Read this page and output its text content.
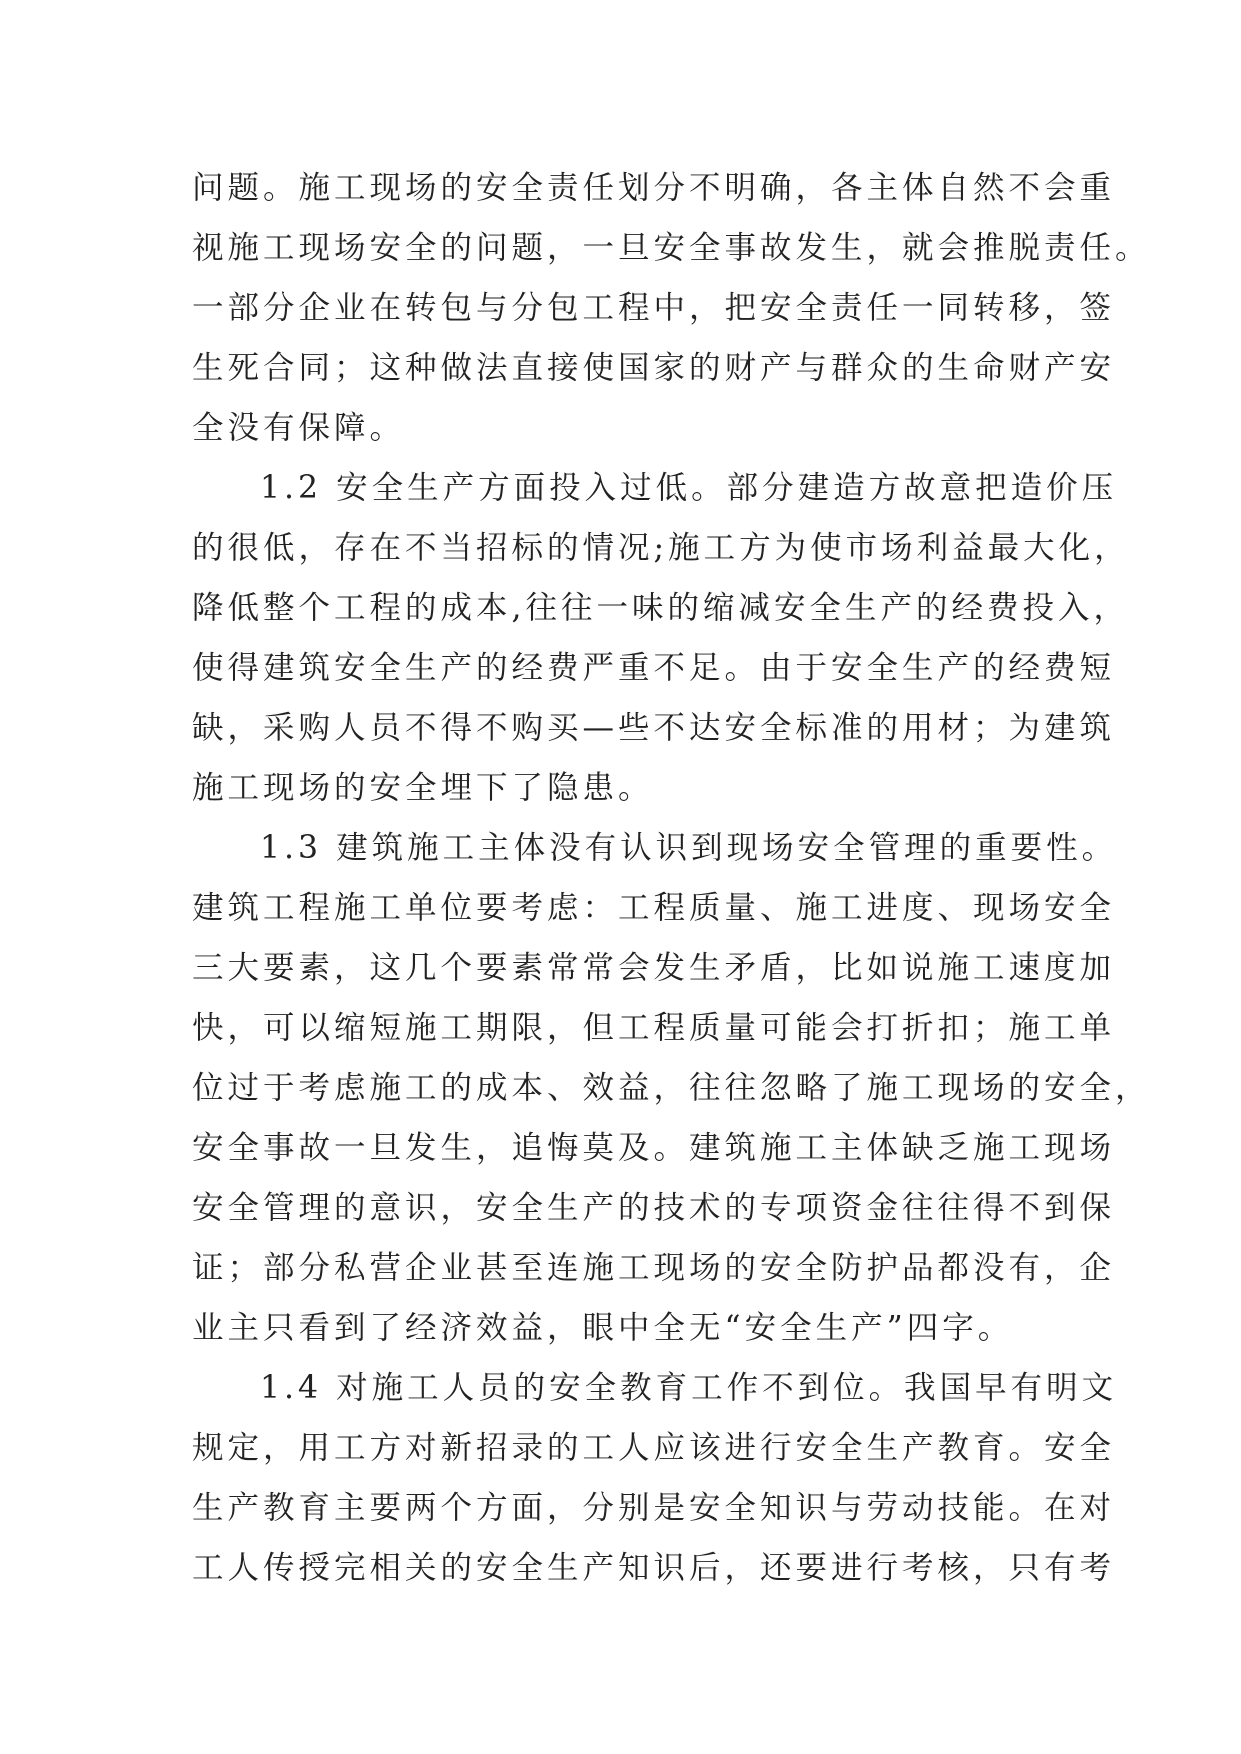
问题。施工现场的安全责任划分不明确，各主体自然不会重
视施工现场安全的问题，一旦安全事故发生，就会推脱责任。
一部分企业在转包与分包工程中，把安全责任一同转移，签
生死合同；这种做法直接使国家的财产与群众的生命财产安
全没有保障。
1.2 安全生产方面投入过低。部分建造方故意把造价压
的很低，存在不当招标的情况;施工方为使市场利益最大化，
降低整个工程的成本,往往一味的缩减安全生产的经费投入，
使得建筑安全生产的经费严重不足。由于安全生产的经费短
缺，采购人员不得不购买—些不达安全标准的用材；为建筑
施工现场的安全埋下了隐患。
1.3 建筑施工主体没有认识到现场安全管理的重要性。
建筑工程施工单位要考虑：工程质量、施工进度、现场安全
三大要素，这几个要素常常会发生矛盾，比如说施工速度加
快，可以缩短施工期限，但工程质量可能会打折扣；施工单
位过于考虑施工的成本、效益，往往忽略了施工现场的安全，
安全事故一旦发生，追悔莫及。建筑施工主体缺乏施工现场
安全管理的意识，安全生产的技术的专项资金往往得不到保
证；部分私营企业甚至连施工现场的安全防护品都没有，企
业主只看到了经济效益，眼中全无“安全生产”四字。
1.4 对施工人员的安全教育工作不到位。我国早有明文
规定，用工方对新招录的工人应该进行安全生产教育。安全
生产教育主要两个方面，分别是安全知识与劳动技能。在对
工人传授完相关的安全生产知识后，还要进行考核，只有考
